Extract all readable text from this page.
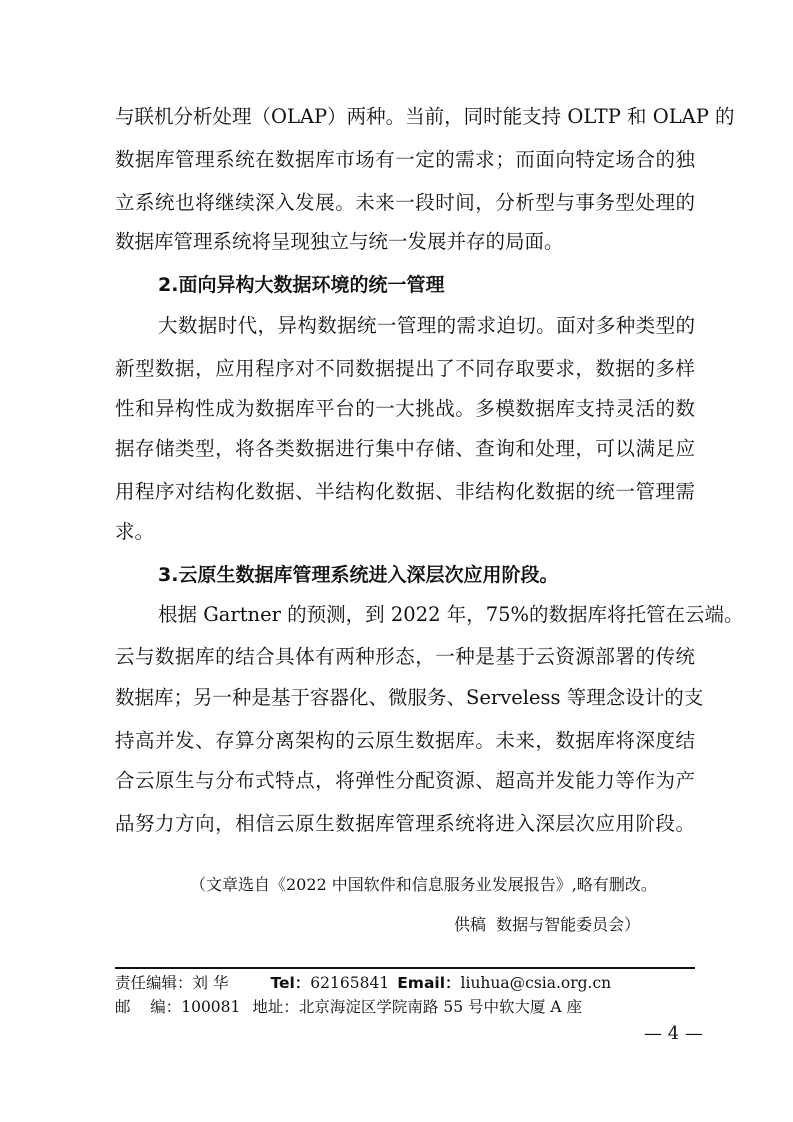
与联机分析处理（OLAP）两种。当前，同时能支持 OLTP 和 OLAP 的
数据库管理系统在数据库市场有一定的需求；而面向特定场合的独
立系统也将继续深入发展。未来一段时间，分析型与事务型处理的
数据库管理系统将呈现独立与统一发展并存的局面。
2.面向异构大数据环境的统一管理
大数据时代，异构数据统一管理的需求迫切。面对多种类型的
新型数据，应用程序对不同数据提出了不同存取要求，数据的多样
性和异构性成为数据库平台的一大挑战。多模数据库支持灵活的数
据存储类型，将各类数据进行集中存储、查询和处理，可以满足应
用程序对结构化数据、半结构化数据、非结构化数据的统一管理需
求。
3.云原生数据库管理系统进入深层次应用阶段。
根据 Gartner 的预测，到 2022 年，75%的数据库将托管在云端。
云与数据库的结合具体有两种形态，一种是基于云资源部署的传统
数据库；另一种是基于容器化、微服务、Serveless 等理念设计的支
持高并发、存算分离架构的云原生数据库。未来，数据库将深度结
合云原生与分布式特点，将弹性分配资源、超高并发能力等作为产
品努力方向，相信云原生数据库管理系统将进入深层次应用阶段。
（文章选自《2022 中国软件和信息服务业发展报告》,略有删改。
供稿  数据与智能委员会）
责任编辑：刘 华	Tel：62165841 Email：liuhua@csia.org.cn
邮    编：100081 地址：北京海淀区学院南路 55 号中软大厦 A 座
— 4 —
